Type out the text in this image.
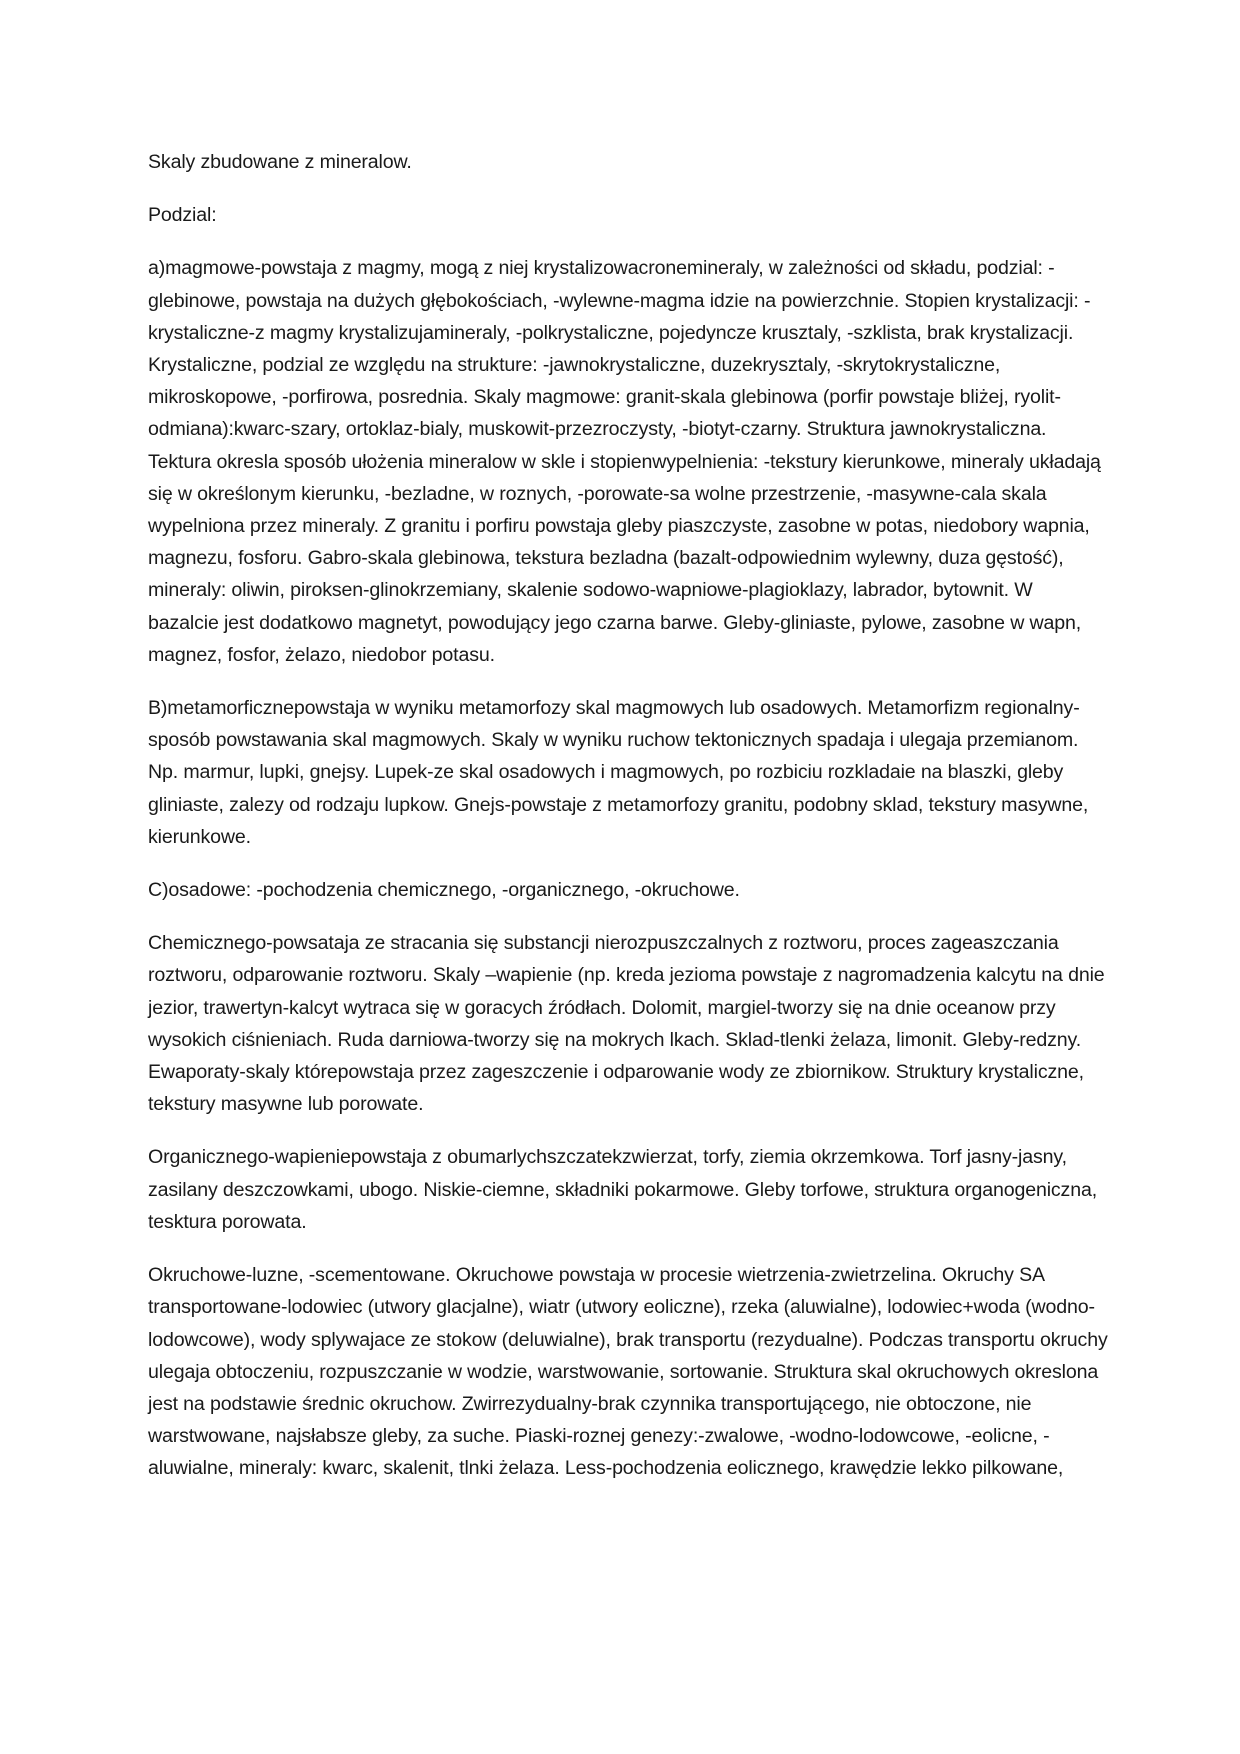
Skaly zbudowane z mineralow.

Podzial:

a)magmowe-powstaja z magmy, mogą z niej krystalizowacronemineraly, w zależności od składu, podzial: -glebinowe, powstaja na dużych głębokościach, -wylewne-magma idzie na powierzchnie. Stopien krystalizacji: -krystaliczne-z magmy krystalizujamineraly, -polkrystaliczne, pojedyncze krusztaly, -szklista, brak krystalizacji. Krystaliczne, podzial ze względu na strukture: -jawnokrystaliczne, duzekrysztaly, -skrytokrystaliczne, mikroskopowe, -porfirowa, posrednia. Skaly magmowe: granit-skala glebinowa (porfir powstaje bliżej, ryolit-odmiana):kwarc-szary, ortoklaz-bialy, muskowit-przezroczysty, -biotyt-czarny. Struktura jawnokrystaliczna. Tektura okresla sposób ułożenia mineralow w skle i stopienwypelnienia: -tekstury kierunkowe, mineraly układają się w określonym kierunku, -bezladne, w roznych, -porowate-sa wolne przestrzenie, -masywne-cala skala wypelniona przez mineraly. Z granitu i porfiru powstaja gleby piaszczyste, zasobne w potas, niedobory wapnia, magnezu, fosforu. Gabro-skala glebinowa, tekstura bezladna (bazalt-odpowiednim wylewny, duza gęstość), mineraly: oliwin, piroksen-glinokrzemiany, skalenie sodowo-wapniowe-plagioklazy, labrador, bytownit. W bazalcie jest dodatkowo magnetyt, powodujący jego czarna barwe. Gleby-gliniaste, pylowe, zasobne w wapn, magnez, fosfor, żelazo, niedobor potasu.

B)metamorficznepowstaja w wyniku metamorfozy skal magmowych lub osadowych. Metamorfizm regionalny-sposób powstawania skal magmowych. Skaly w wyniku ruchow tektonicznych spadaja i ulegaja przemianom. Np. marmur, lupki, gnejsy. Lupek-ze skal osadowych i magmowych, po rozbiciu rozkladaie na blaszki, gleby gliniaste, zalezy od rodzaju lupkow. Gnejs-powstaje z metamorfozy granitu, podobny sklad, tekstury masywne, kierunkowe.

C)osadowe: -pochodzenia chemicznego, -organicznego, -okruchowe.

Chemicznego-powsataja ze stracania się substancji nierozpuszczalnych z roztworu, proces zageaszczania roztworu, odparowanie roztworu. Skaly –wapienie (np. kreda jezioma powstaje z nagromadzenia kalcytu na dnie jezior, trawertyn-kalcyt wytraca się w goracych źródłach. Dolomit, margiel-tworzy się na dnie oceanow przy wysokich ciśnieniach. Ruda darniowa-tworzy się na mokrych lkach. Sklad-tlenki żelaza, limonit. Gleby-redzny. Ewaporaty-skaly którepowstaja przez zageszczenie i odparowanie wody ze zbiornikow. Struktury krystaliczne, tekstury masywne lub porowate.

Organicznego-wapieniepowstaja z obumarlychszczatekzwierzat, torfy, ziemia okrzemkowa. Torf jasny-jasny, zasilany deszczowkami, ubogo. Niskie-ciemne, składniki pokarmowe. Gleby torfowe, struktura organogeniczna, tesktura porowata.

Okruchowe-luzne, -scementowane. Okruchowe powstaja w procesie wietrzenia-zwietrzelina. Okruchy SA transportowane-lodowiec (utwory glacjalne), wiatr (utwory eoliczne), rzeka (aluwialne), lodowiec+woda (wodno-lodowcowe), wody splywajace ze stokow (deluwialne), brak transportu (rezydualne). Podczas transportu okruchy ulegaja obtoczeniu, rozpuszczanie w wodzie, warstwowanie, sortowanie. Struktura skal okruchowych okreslona jest na podstawie średnic okruchow. Zwirrezydualny-brak czynnika transportującego, nie obtoczone, nie warstwowane, najsłabsze gleby, za suche. Piaski-roznej genezy:-zwalowe, -wodno-lodowcowe, -eolicne, -aluwialne, mineraly: kwarc, skalenit, tlnki żelaza. Less-pochodzenia eolicznego, krawędzie lekko pilkowane,
